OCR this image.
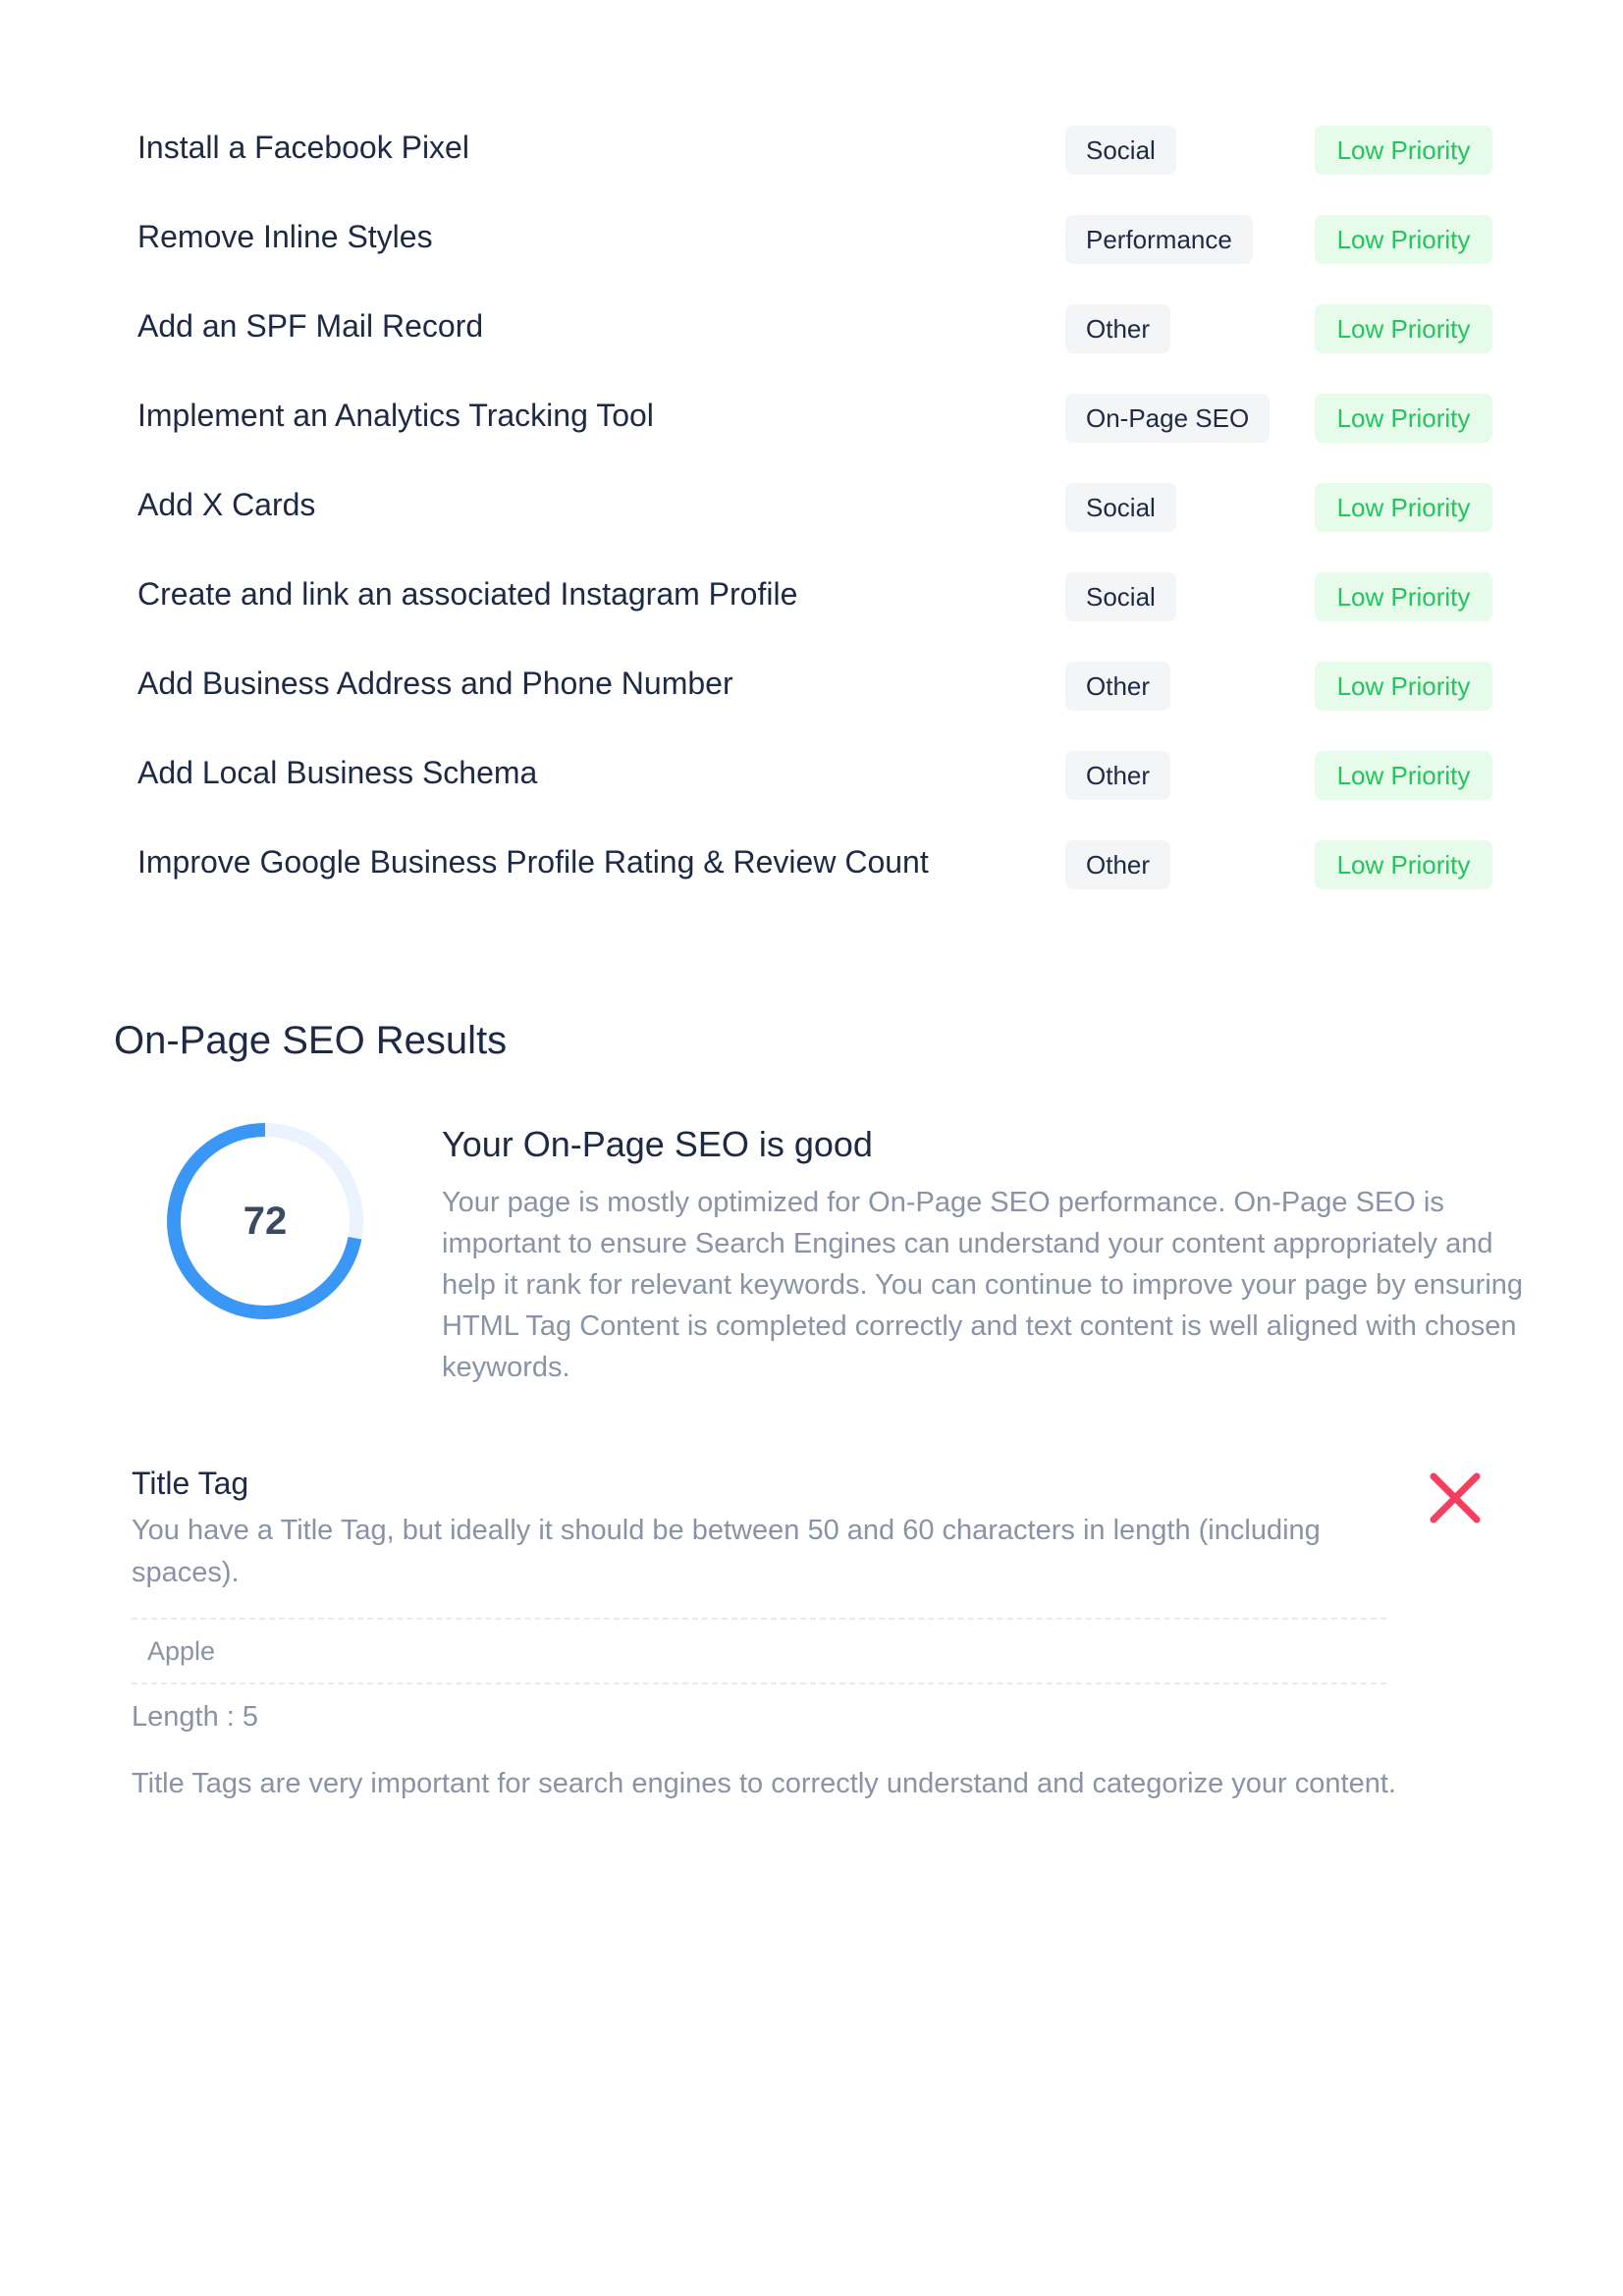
Install a Facebook Pixel	Social	Low Priority
Remove Inline Styles	Performance	Low Priority
Add an SPF Mail Record	Other	Low Priority
Implement an Analytics Tracking Tool	On-Page SEO	Low Priority
Add X Cards	Social	Low Priority
Create and link an associated Instagram Profile	Social	Low Priority
Add Business Address and Phone Number	Other	Low Priority
Add Local Business Schema	Other	Low Priority
Improve Google Business Profile Rating & Review Count	Other	Low Priority
On-Page SEO Results
72

Your On-Page SEO is good

Your page is mostly optimized for On-Page SEO performance. On-Page SEO is important to ensure Search Engines can understand your content appropriately and help it rank for relevant keywords. You can continue to improve your page by ensuring HTML Tag Content is completed correctly and text content is well aligned with chosen keywords.

Title Tag

You have a Title Tag, but ideally it should be between 50 and 60 characters in length (including spaces).

Apple
Length : 5
Title Tags are very important for search engines to correctly understand and categorize your content.
